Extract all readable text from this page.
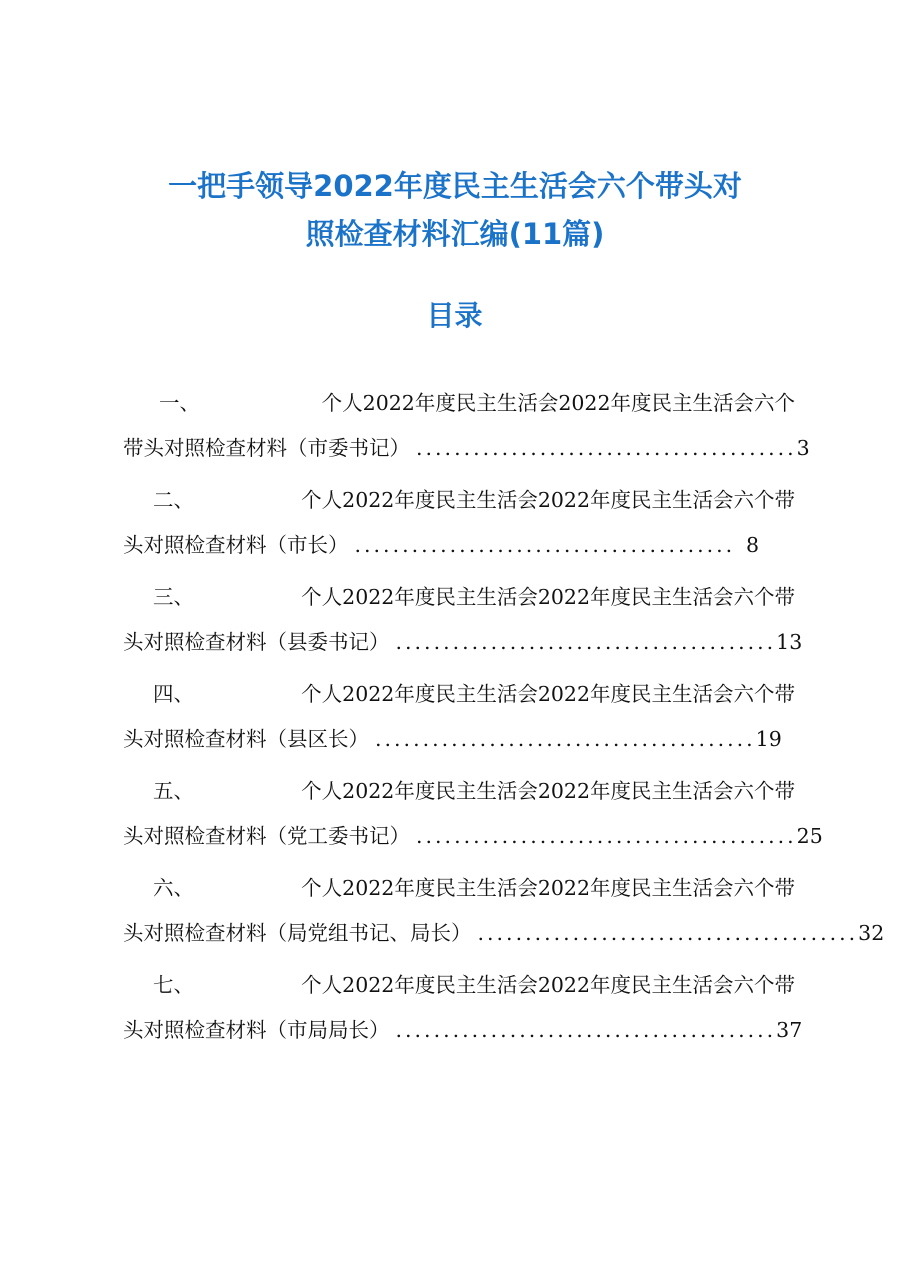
一把手领导2022年度民主生活会六个带头对
照检查材料汇编(11篇)
目录
一、	个人2022年度民主生活会2022年度民主生活会六个
带头对照检查材料（市委书记） ........................................ 3
二、	个人2022年度民主生活会2022年度民主生活会六个带
头对照检查材料（市长） ........................................ 8
三、	个人2022年度民主生活会2022年度民主生活会六个带
头对照检查材料（县委书记） ........................................ 13
四、	个人2022年度民主生活会2022年度民主生活会六个带
头对照检查材料（县区长） ........................................ 19
五、	个人2022年度民主生活会2022年度民主生活会六个带
头对照检查材料（党工委书记） ........................................ 25
六、	个人2022年度民主生活会2022年度民主生活会六个带
头对照检查材料（局党组书记、局长） ........................................ 32
七、	个人2022年度民主生活会2022年度民主生活会六个带
头对照检查材料（市局局长） ........................................ 37
